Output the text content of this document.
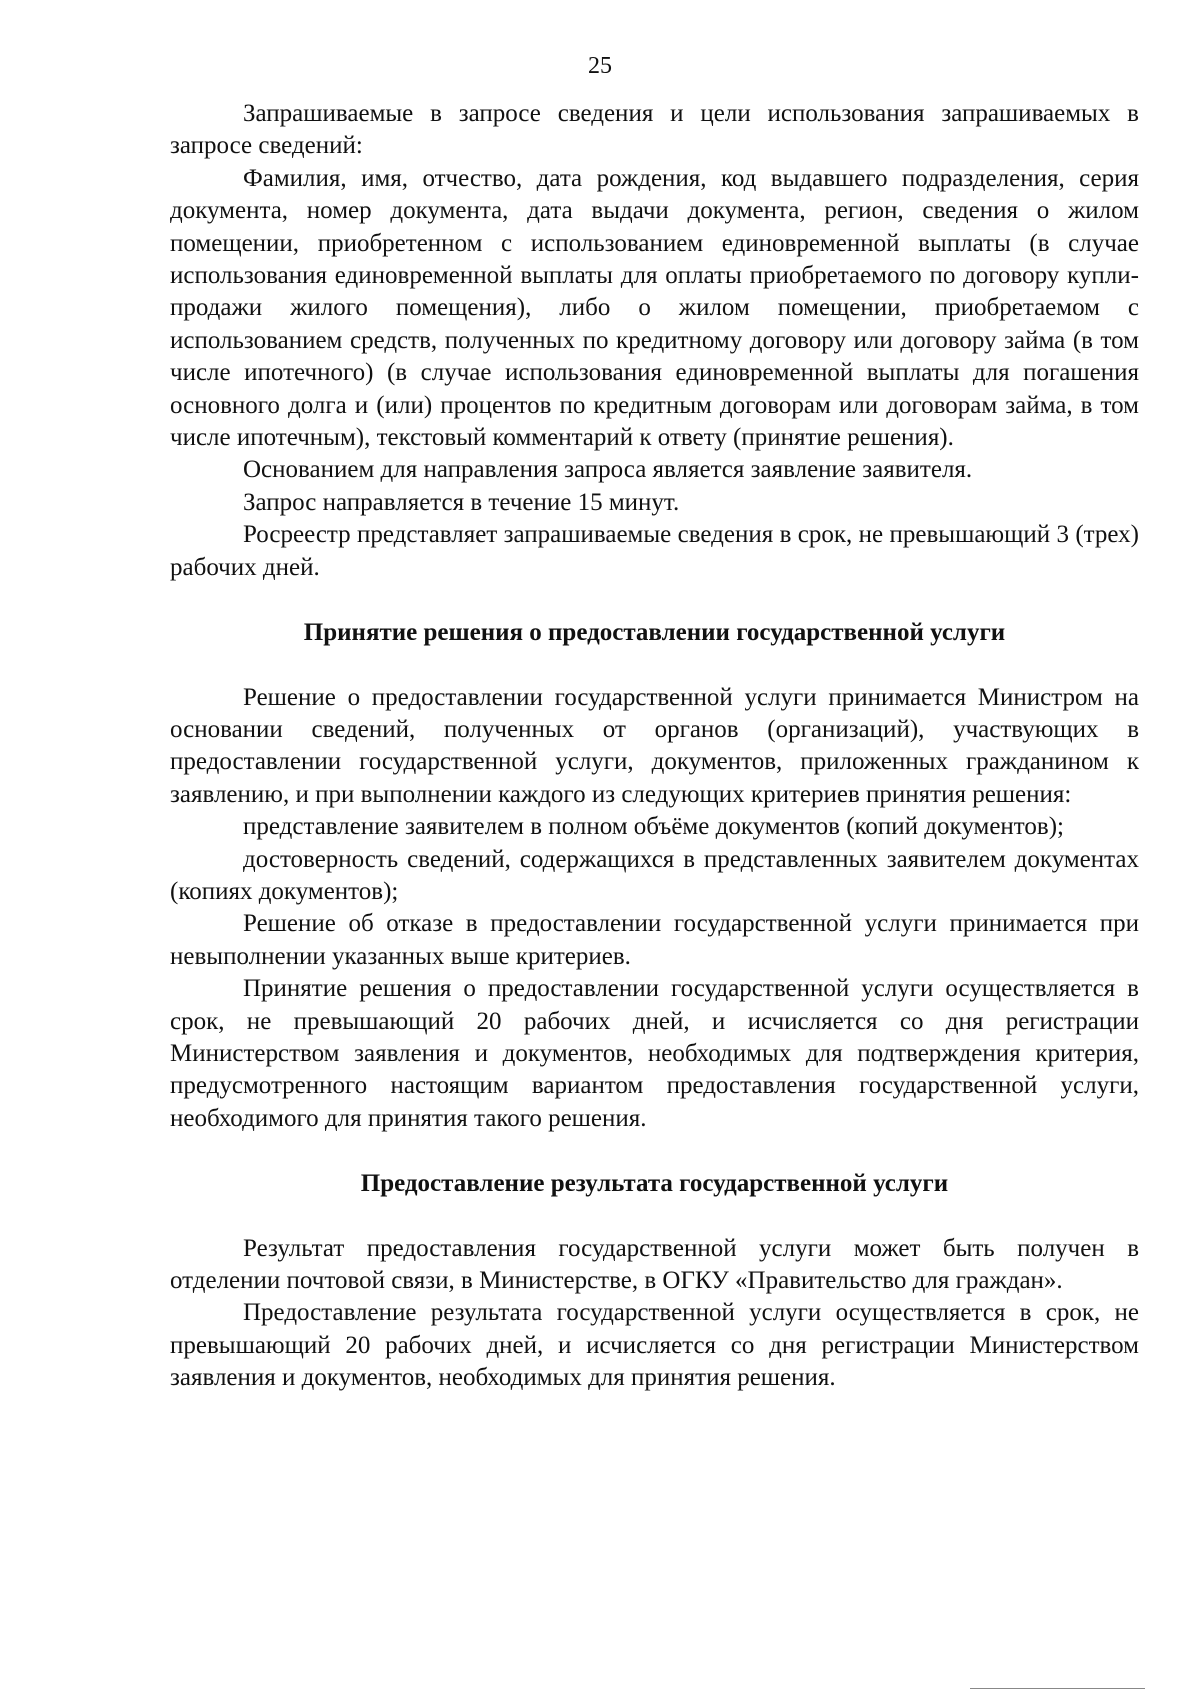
25

Запрашиваемые в запросе сведения и цели использования запрашиваемых в запросе сведений:

Фамилия, имя, отчество, дата рождения, код выдавшего подразделения, серия документа, номер документа, дата выдачи документа, регион, сведения о жилом помещении, приобретенном с использованием единовременной выплаты (в случае использования единовременной выплаты для оплаты приобретаемого по договору купли-продажи жилого помещения), либо о жилом помещении, приобретаемом с использованием средств, полученных по кредитному договору или договору займа (в том числе ипотечного) (в случае использования единовременной выплаты для погашения основного долга и (или) процентов по кредитным договорам или договорам займа, в том числе ипотечным), текстовый комментарий к ответу (принятие решения).

Основанием для направления запроса является заявление заявителя.

Запрос направляется в течение 15 минут.

Росреестр представляет запрашиваемые сведения в срок, не превышающий 3 (трех) рабочих дней.

Принятие решения о предоставлении государственной услуги

Решение о предоставлении государственной услуги принимается Министром на основании сведений, полученных от органов (организаций), участвующих в предоставлении государственной услуги, документов, приложенных гражданином к заявлению, и при выполнении каждого из следующих критериев принятия решения:

представление заявителем в полном объёме документов (копий документов);

достоверность сведений, содержащихся в представленных заявителем документах (копиях документов);

Решение об отказе в предоставлении государственной услуги принимается при невыполнении указанных выше критериев.

Принятие решения о предоставлении государственной услуги осуществляется в срок, не превышающий 20 рабочих дней, и исчисляется со дня регистрации Министерством заявления и документов, необходимых для подтверждения критерия, предусмотренного настоящим вариантом предоставления государственной услуги, необходимого для принятия такого решения.

Предоставление результата государственной услуги

Результат предоставления государственной услуги может быть получен в отделении почтовой связи, в Министерстве, в ОГКУ «Правительство для граждан».

Предоставление результата государственной услуги осуществляется в срок, не превышающий 20 рабочих дней, и исчисляется со дня регистрации Министерством заявления и документов, необходимых для принятия решения.
